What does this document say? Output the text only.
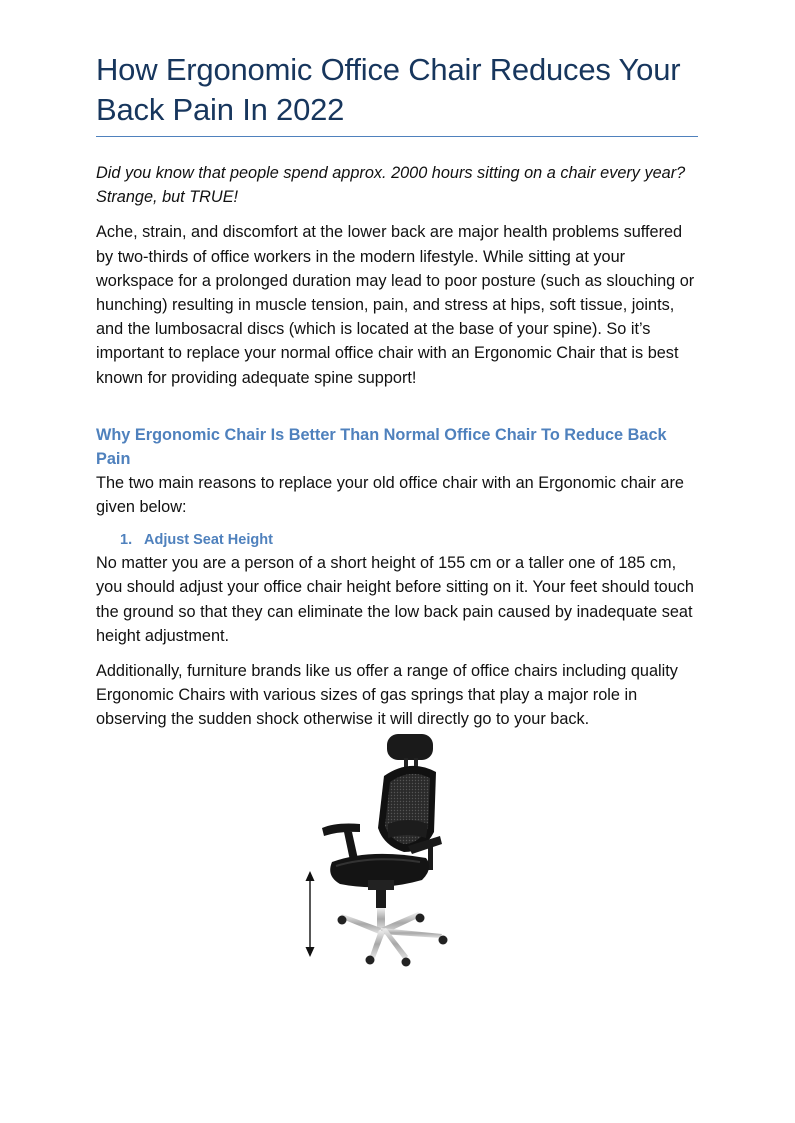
How Ergonomic Office Chair Reduces Your Back Pain In 2022

Did you know that people spend approx. 2000 hours sitting on a chair every year? Strange, but TRUE!

Ache, strain, and discomfort at the lower back are major health problems suffered by two-thirds of office workers in the modern lifestyle. While sitting at your workspace for a prolonged duration may lead to poor posture (such as slouching or hunching) resulting in muscle tension, pain, and stress at hips, soft tissue, joints, and the lumbosacral discs (which is located at the base of your spine). So it’s important to replace your normal office chair with an Ergonomic Chair that is best known for providing adequate spine support!

Why Ergonomic Chair Is Better Than Normal Office Chair To Reduce Back Pain

The two main reasons to replace your old office chair with an Ergonomic chair are given below:

1. Adjust Seat Height

No matter you are a person of a short height of 155 cm or a taller one of 185 cm, you should adjust your office chair height before sitting on it. Your feet should touch the ground so that they can eliminate the low back pain caused by inadequate seat height adjustment.

Additionally, furniture brands like us offer a range of office chairs including quality Ergonomic Chairs with various sizes of gas springs that play a major role in observing the sudden shock otherwise it will directly go to your back.
